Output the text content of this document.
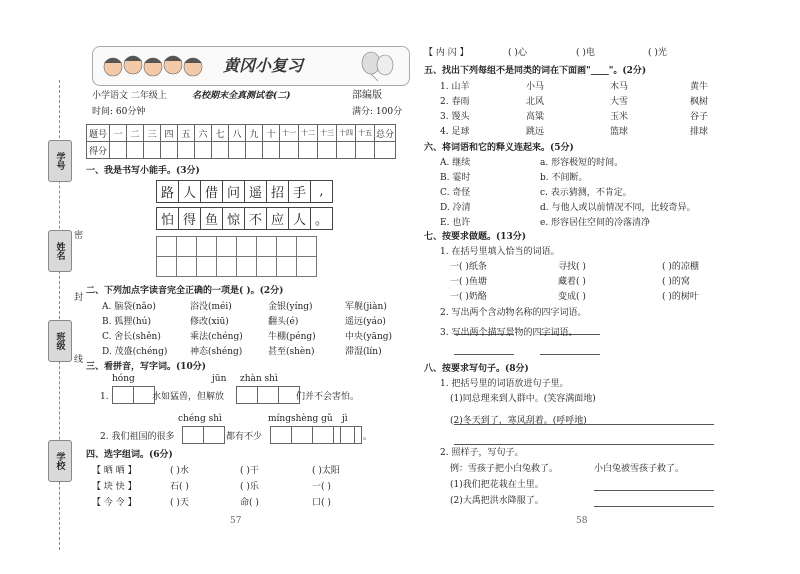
学号
姓名
班级
学校
密
封
线
黄冈小复习
小学语文 二年级上	名校期末全真测试卷(二)	部编版
时间: 60分钟	满分: 100分
题号	一	二	三	四	五	六	七	八	九	十	十一	十二	十三	十四	十五	总分
得分																
一、我是书写小能手。(3分)
路 人 借 问 遥 招 手	,
怕 得 鱼 惊 不 应 人 。
二、下列加点字读音完全正确的一项是( )。(2分)
A. 脑袋(nǎo)	浴没(méi)	金银(yíng)	军舰(jiàn)
B. 狐狸(hú)	修改(xiū)	翻头(é)	遥远(yáo)
C. 舍长(shěn)	乘法(chéng)	牛棚(péng)	中央(yāng)
D. 茂盛(chéng)	神态(shéng)	甚至(shèn)	滞湿(lín)
三、看拼音，写字词。(10分)
hóng	jūn zhàn shì
1.	水如猛兽，但解放	们并不会害怕。
chéng shì	míngshèng gǔ jì
2. 我们祖国的很多	都有不少	。
四、选字组词。(6分)
【 晒 晒 】	( )水	( )干	( )太阳
【 块 快 】	石( )	( )乐	一( )
【 今 令 】	( )天	命( )	口( )
57
【 内 闪 】	( )心	( )电	( )光
五、找出下列每组不是同类的词在下面画"____"。(2分)
1. 山羊	小马	木马	黄牛
2. 春雨	北风	大雪	枫树
3. 馒头	高粱	玉米	谷子
4. 足球	跳远	篮球	排球
六、将词语和它的释义连起来。(5分)
A. 继续	a. 形容极短的时间。
B. 霎时	b. 不间断。
C. 奇怪	c. 表示猜测，不肯定。
D. 冷清	d. 与他人或以前情况不同，比较奇异。
E. 也许	e. 形容居住空间的冷落清净
七、按要求做题。(13分)
1. 在括号里填入恰当的词语。
一( )纸条	寻找( )	( )的凉棚
一( )鱼塘	藏着( )	( )的窝
一( )奶酪	变成( )	( )的树叶
2. 写出两个含动物名称的四字词语。
3. 写出两个描写景物的四字词语。
八、按要求写句子。(8分)
1. 把括号里的词语放进句子里。
(1)同总理来到人群中。(笑容满面地)
(2)冬天到了，寒风刮着。(呼呼地)
2. 照样子，写句子。
例：雪孩子把小白兔救了。	小白兔被雪孩子救了。
(1)我们把花栽在土里。
(2)大禹把洪水降服了。
58
